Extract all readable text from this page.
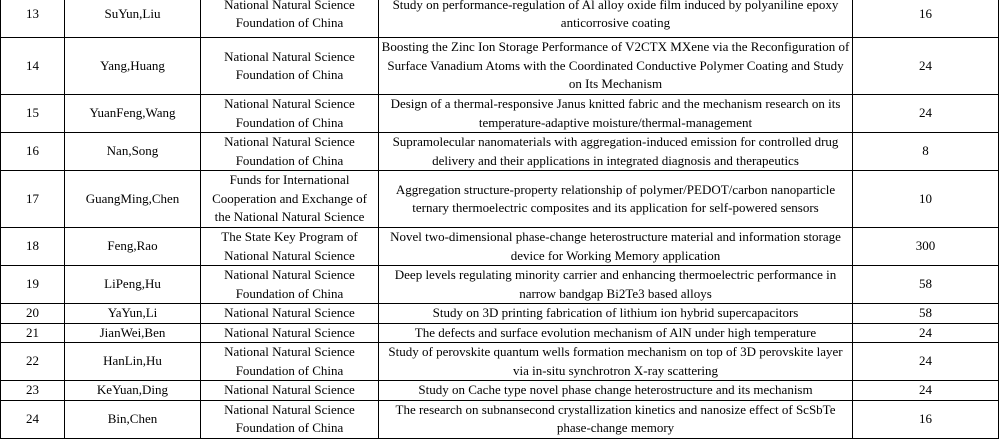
13	SuYun,Liu	National Natural Science Foundation of China	Study on performance-regulation of Al alloy oxide film induced by polyaniline epoxy anticorrosive coating	16
14	Yang,Huang	National Natural Science Foundation of China	Boosting the Zinc Ion Storage Performance of V2CTX MXene via the Reconfiguration of Surface Vanadium Atoms with the Coordinated Conductive Polymer Coating and Study on Its Mechanism	24
15	YuanFeng,Wang	National Natural Science Foundation of China	Design of a thermal-responsive Janus knitted fabric and the mechanism research on its temperature-adaptive moisture/thermal-management	24
16	Nan,Song	National Natural Science Foundation of China	Supramolecular nanomaterials with aggregation-induced emission for controlled drug delivery and their applications in integrated diagnosis and therapeutics	8
17	GuangMing,Chen	Funds for International Cooperation and Exchange of the National Natural Science	Aggregation structure-property relationship of polymer/PEDOT/carbon nanoparticle ternary thermoelectric composites and its application for self-powered sensors	10
18	Feng,Rao	The State Key Program of National Natural Science	Novel two-dimensional phase-change heterostructure material and information storage device for Working Memory application	300
19	LiPeng,Hu	National Natural Science Foundation of China	Deep levels regulating minority carrier and enhancing thermoelectric performance in narrow bandgap Bi2Te3 based alloys	58
20	YaYun,Li	National Natural Science	Study on 3D printing fabrication of lithium ion hybrid supercapacitors	58
21	JianWei,Ben	National Natural Science	The defects and surface evolution mechanism of AlN under high temperature	24
22	HanLin,Hu	National Natural Science Foundation of China	Study of perovskite quantum wells formation mechanism on top of 3D perovskite layer via in-situ synchrotron X-ray scattering	24
23	KeYuan,Ding	National Natural Science	Study on Cache type novel phase change heterostructure and its mechanism	24
24	Bin,Chen	National Natural Science Foundation of China	The research on subnansecond crystallization kinetics and nanosize effect of ScSbTe phase-change memory	16
